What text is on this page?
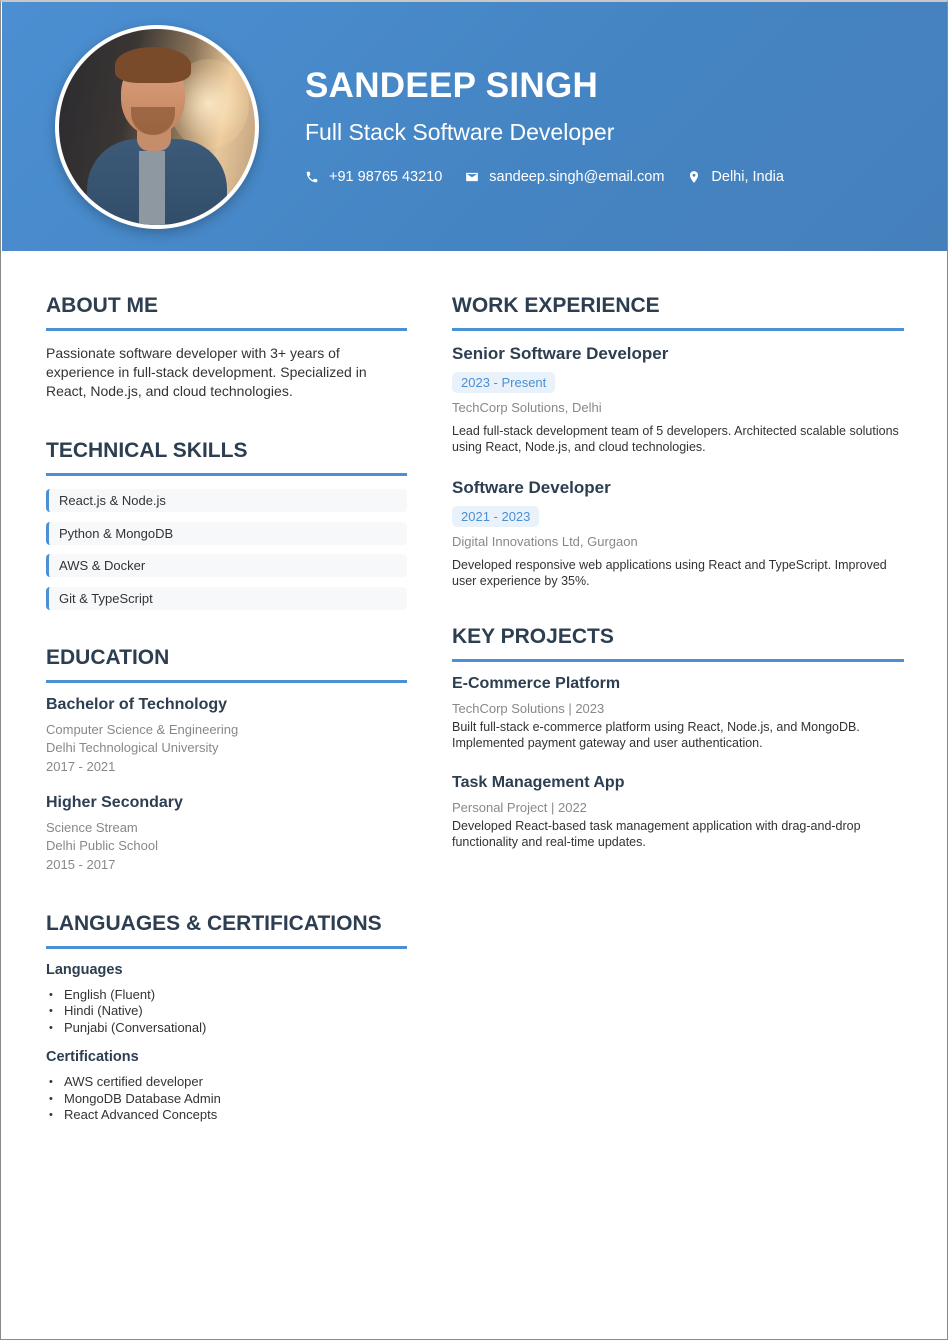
SANDEEP SINGH
Full Stack Software Developer
+91 98765 43210	sandeep.singh@email.com	Delhi, India
ABOUT ME

Passionate software developer with 3+ years of experience in full-stack development. Specialized in React, Node.js, and cloud technologies.

TECHNICAL SKILLS
React.js & Node.js
Python & MongoDB
AWS & Docker
Git & TypeScript
EDUCATION
Bachelor of Technology
Computer Science & Engineering
Delhi Technological University
2017 - 2021
Higher Secondary
Science Stream
Delhi Public School
2015 - 2017
LANGUAGES & CERTIFICATIONS
Languages
• English (Fluent)
• Hindi (Native)
• Punjabi (Conversational)
Certifications
• AWS certified developer
• MongoDB Database Admin
• React Advanced Concepts
WORK EXPERIENCE
Senior Software Developer
2023 - Present
TechCorp Solutions, Delhi
Lead full-stack development team of 5 developers. Architected scalable solutions using React, Node.js, and cloud technologies.
Software Developer
2021 - 2023
Digital Innovations Ltd, Gurgaon
Developed responsive web applications using React and TypeScript. Improved user experience by 35%.
KEY PROJECTS
E-Commerce Platform
TechCorp Solutions | 2023
Built full-stack e-commerce platform using React, Node.js, and MongoDB. Implemented payment gateway and user authentication.
Task Management App
Personal Project | 2022
Developed React-based task management application with drag-and-drop functionality and real-time updates.
